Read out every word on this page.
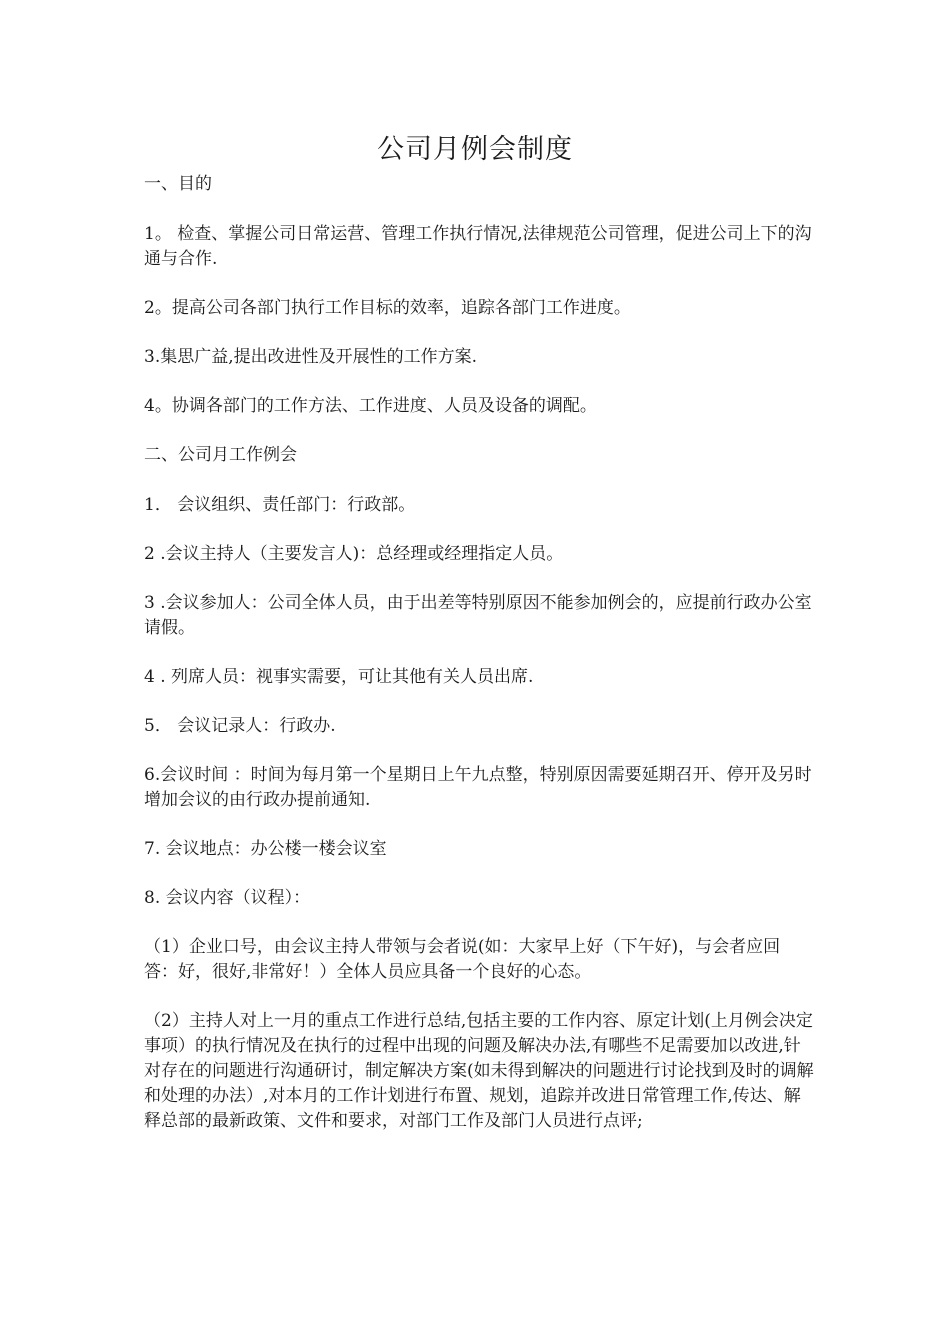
公司月例会制度
一、目的

1。 检查、掌握公司日常运营、管理工作执行情况,法律规范公司管理，促进公司上下的沟通与合作.

2。提高公司各部门执行工作目标的效率，追踪各部门工作进度。

3.集思广益,提出改进性及开展性的工作方案.

4。协调各部门的工作方法、工作进度、人员及设备的调配。

二、公司月工作例会

1． 会议组织、责任部门：行政部。

2 .会议主持人（主要发言人)：总经理或经理指定人员。

3 .会议参加人：公司全体人员，由于出差等特别原因不能参加例会的，应提前行政办公室请假。

4 . 列席人员：视事实需要，可让其他有关人员出席.

5． 会议记录人：行政办.

6.会议时间 ：时间为每月第一个星期日上午九点整，特别原因需要延期召开、停开及另时增加会议的由行政办提前通知.

7. 会议地点：办公楼一楼会议室

8. 会议内容（议程）：

（1）企业口号，由会议主持人带领与会者说(如：大家早上好（下午好)，与会者应回答：好，很好,非常好！）全体人员应具备一个良好的心态。

（2）主持人对上一月的重点工作进行总结,包括主要的工作内容、原定计划(上月例会决定事项）的执行情况及在执行的过程中出现的问题及解决办法,有哪些不足需要加以改进,针对存在的问题进行沟通研讨，制定解决方案(如未得到解决的问题进行讨论找到及时的调解和处理的办法）,对本月的工作计划进行布置、规划，追踪并改进日常管理工作,传达、解释总部的最新政策、文件和要求，对部门工作及部门人员进行点评;
